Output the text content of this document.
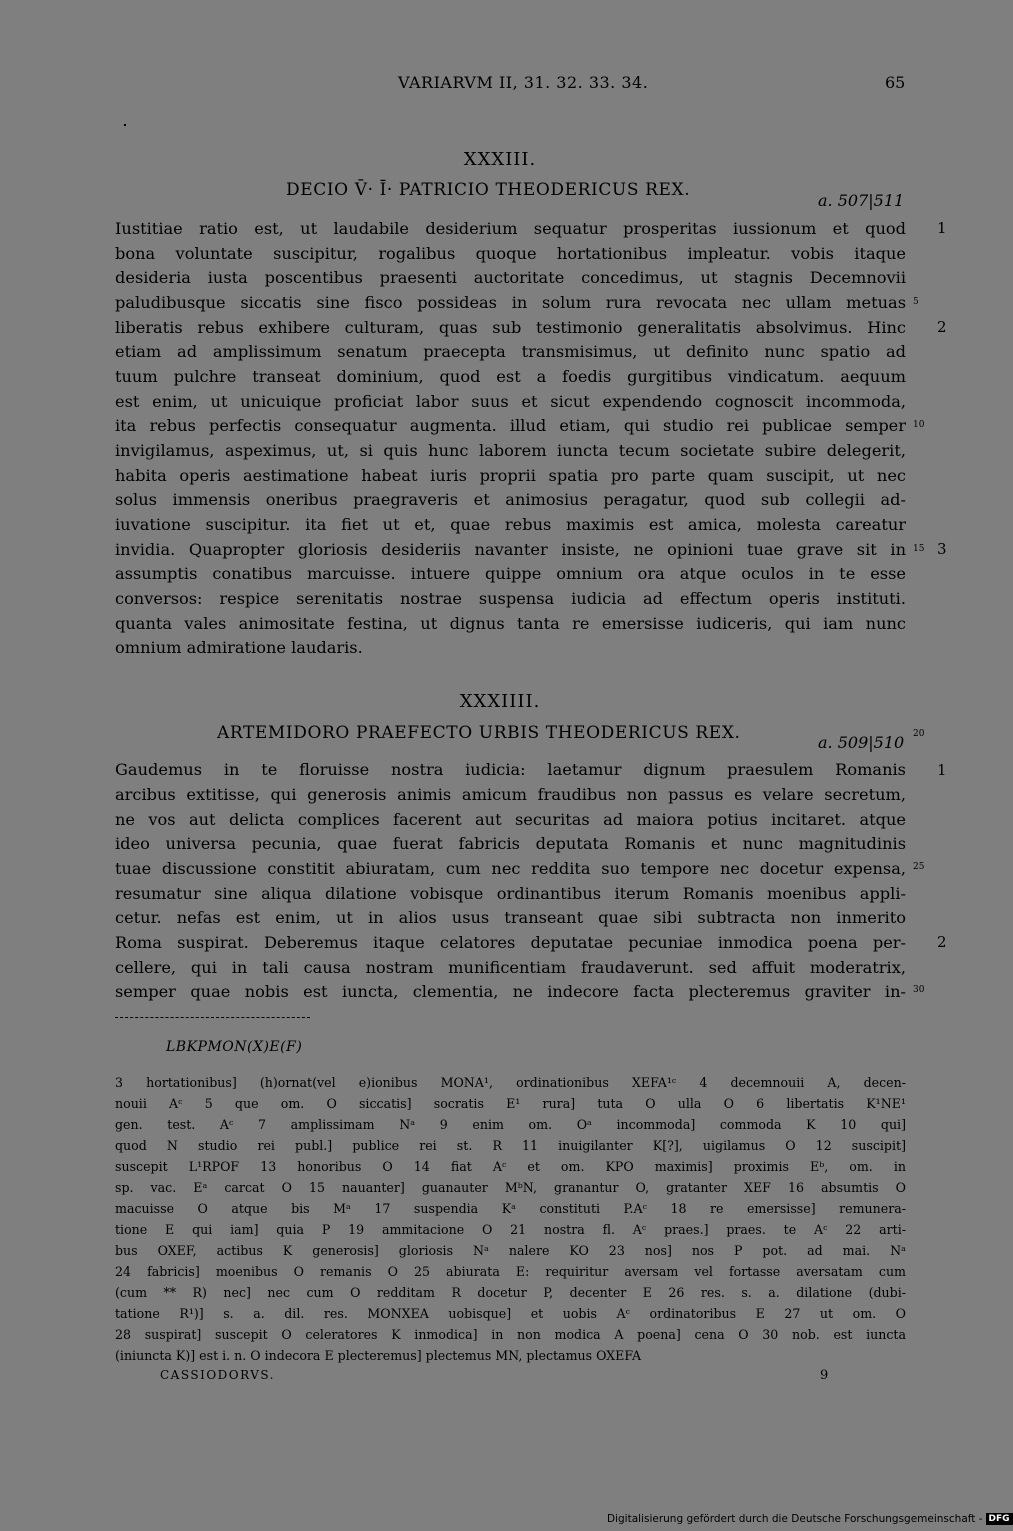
VARIARVM II, 31. 32. 33. 34.	65
XXXIII.
DECIO V̄· Ī· PATRICIO THEODERICUS REX.
a. 507|511
Iustitiae ratio est, ut laudabile desiderium sequatur prosperitas iussionum et quod
bona voluntate suscipitur, rogalibus quoque hortationibus impleatur. vobis itaque
desideria iusta poscentibus praesenti auctoritate concedimus, ut stagnis Decemnovii
paludibusque siccatis sine fisco possideas in solum rura revocata nec ullam metuas
liberatis rebus exhibere culturam, quas sub testimonio generalitatis absolvimus. Hinc
etiam ad amplissimum senatum praecepta transmisimus, ut definito nunc spatio ad
tuum pulchre transeat dominium, quod est a foedis gurgitibus vindicatum. aequum
est enim, ut unicuique proficiat labor suus et sicut expendendo cognoscit incommoda,
ita rebus perfectis consequatur augmenta. illud etiam, qui studio rei publicae semper
invigilamus, aspeximus, ut, si quis hunc laborem iuncta tecum societate subire delegerit,
habita operis aestimatione habeat iuris proprii spatia pro parte quam suscipit, ut nec
solus immensis oneribus praegraveris et animosius peragatur, quod sub collegii ad-
iuvatione suscipitur. ita fiet ut et, quae rebus maximis est amica, molesta careatur
invidia. Quapropter gloriosis desideriis navanter insiste, ne opinioni tuae grave sit in
assumptis conatibus marcuisse. intuere quippe omnium ora atque oculos in te esse
conversos: respice serenitatis nostrae suspensa iudicia ad effectum operis instituti.
quanta vales animositate festina, ut dignus tanta re emersisse iudiceris, qui iam nunc
omnium admiratione laudaris.
1
5
2
10
15 3
XXXIIII.
ARTEMIDORO PRAEFECTO URBIS THEODERICUS REX.	a. 509|510 20
Gaudemus in te floruisse nostra iudicia: laetamur dignum praesulem Romanis
arcibus extitisse, qui generosis animis amicum fraudibus non passus es velare secretum,
ne vos aut delicta complices facerent aut securitas ad maiora potius incitaret. atque
ideo universa pecunia, quae fuerat fabricis deputata Romanis et nunc magnitudinis
tuae discussione constitit abiuratam, cum nec reddita suo tempore nec docetur expensa,
resumatur sine aliqua dilatione vobisque ordinantibus iterum Romanis moenibus appli-
cetur. nefas est enim, ut in alios usus transeant quae sibi subtracta non inmerito
Roma suspirat. Deberemus itaque celatores deputatae pecuniae inmodica poena per-
cellere, qui in tali causa nostram munificentiam fraudaverunt. sed affuit moderatrix,
semper quae nobis est iuncta, clementia, ne indecore facta plecteremus graviter in-
1
25
2
30
LBKPMON(X)E(F)
3 hortationibus] (h)ornat(vel e)ionibus MONA¹, ordinationibus XEFA¹ᶜ 4 decemnouii A, decen-
nouii Aᶜ 5 que om. O siccatis] socratis E¹ rura] tuta O ulla O 6 libertatis K¹NE¹
gen. test. Aᶜ 7 amplissimam Nᵃ 9 enim om. Oᵃ incommoda] commoda K 10 qui]
quod N studio rei publ.] publice rei st. R 11 inuigilanter K[?], uigilamus O 12 suscipit]
suscepit L¹RPOF 13 honoribus O 14 fiat Aᶜ et om. KPO maximis] proximis Eᵇ, om. in
sp. vac. Eᵃ carcat O 15 nauanter] guanauter MᵇN, granantur O, gratanter XEF 16 absumtis O
macuisse O atque bis Mᵃ 17 suspendia Kᵃ constituti P.Aᶜ 18 re emersisse] remunera-
tione E qui iam] quia P 19 ammitacione O 21 nostra fl. Aᶜ praes.] praes. te Aᶜ 22 arti-
bus OXEF, actibus K generosis] gloriosis Nᵃ nalere KO 23 nos] nos P pot. ad mai. Nᵃ
24 fabricis] moenibus O remanis O 25 abiurata E: requiritur aversam vel fortasse aversatam cum
(cum ** R) nec] nec cum O redditam R docetur P, decenter E 26 res. s. a. dilatione (dubi-
tatione R¹)] s. a. dil. res. MONXEA uobisque] et uobis Aᶜ ordinatoribus E 27 ut om. O
28 suspirat] suscepit O celeratores K inmodica] in non modica A poena] cena O 30 nob. est iuncta
(iniuncta K)] est i. n. O indecora E plecteremus] plectemus MN, plectamus OXEFA
CASSIODORVS.	9
Digitalisierung gefördert durch die Deutsche Forschungsgemeinschaft - DFG
